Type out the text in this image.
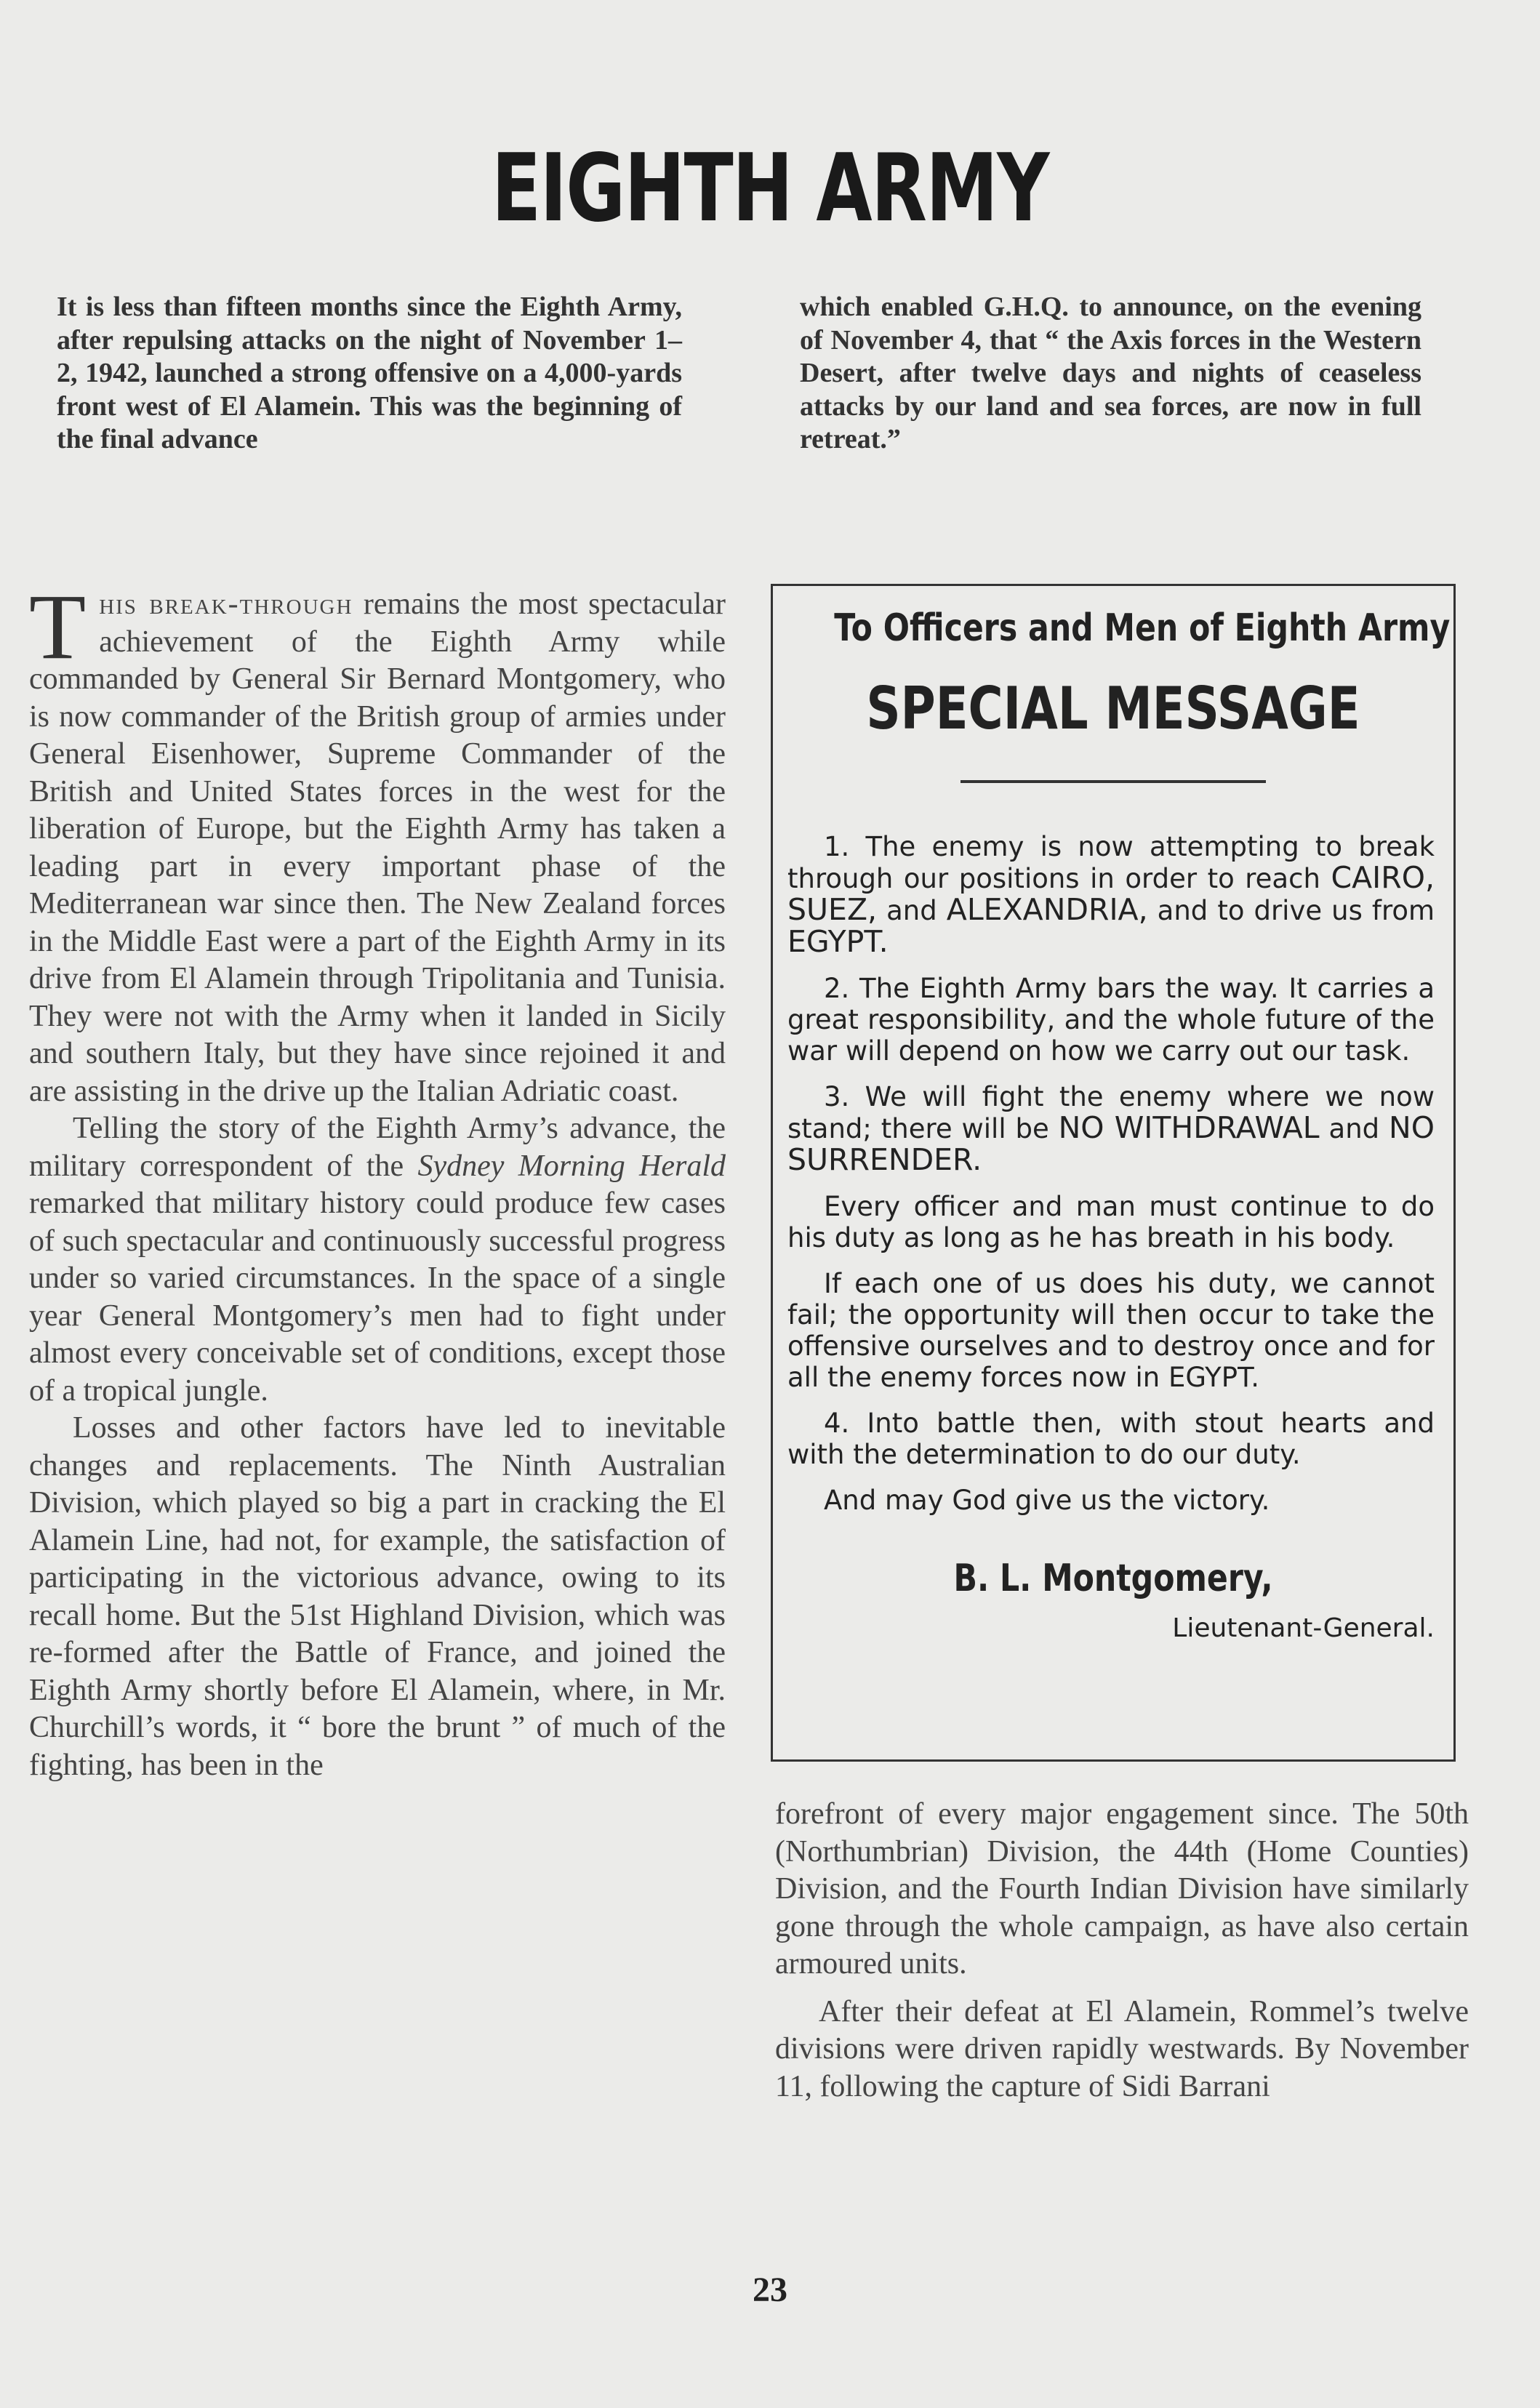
EIGHTH ARMY

It is less than fifteen months since the Eighth Army, after repulsing attacks on the night of November 1–2, 1942, launched a strong offensive on a 4,000-yards front west of El Alamein. This was the beginning of the final advance

which enabled G.H.Q. to announce, on the evening of November 4, that “ the Axis forces in the Western Desert, after twelve days and nights of ceaseless attacks by our land and sea forces, are now in full retreat.”

This break-through remains the most spectacular achievement of the Eighth Army while commanded by General Sir Bernard Montgomery, who is now commander of the British group of armies under General Eisenhower, Supreme Commander of the British and United States forces in the west for the liberation of Europe, but the Eighth Army has taken a leading part in every important phase of the Mediterranean war since then. The New Zealand forces in the Middle East were a part of the Eighth Army in its drive from El Alamein through Tripolitania and Tunisia. They were not with the Army when it landed in Sicily and southern Italy, but they have since rejoined it and are assisting in the drive up the Italian Adriatic coast.

Telling the story of the Eighth Army’s advance, the military correspondent of the Sydney Morning Herald remarked that military history could produce few cases of such spectacular and continuously successful progress under so varied circumstances. In the space of a single year General Montgomery’s men had to fight under almost every conceivable set of conditions, except those of a tropical jungle.

Losses and other factors have led to inevitable changes and replacements. The Ninth Australian Division, which played so big a part in cracking the El Alamein Line, had not, for example, the satisfaction of participating in the victorious advance, owing to its recall home. But the 51st Highland Division, which was re-formed after the Battle of France, and joined the Eighth Army shortly before El Alamein, where, in Mr. Churchill’s words, it “ bore the brunt ” of much of the fighting, has been in the

To Officers and Men of Eighth Army
SPECIAL MESSAGE

1. The enemy is now attempting to break through our positions in order to reach CAIRO, SUEZ, and ALEXANDRIA, and to drive us from EGYPT.

2. The Eighth Army bars the way. It carries a great responsibility, and the whole future of the war will depend on how we carry out our task.

3. We will fight the enemy where we now stand; there will be NO WITHDRAWAL and NO SURRENDER.

Every officer and man must continue to do his duty as long as he has breath in his body.

If each one of us does his duty, we cannot fail; the opportunity will then occur to take the offensive ourselves and to destroy once and for all the enemy forces now in EGYPT.

4. Into battle then, with stout hearts and with the determination to do our duty.

And may God give us the victory.

B. L. Montgomery,
Lieutenant-General.

forefront of every major engagement since. The 50th (Northumbrian) Division, the 44th (Home Counties) Division, and the Fourth Indian Division have similarly gone through the whole campaign, as have also certain armoured units.

After their defeat at El Alamein, Rommel’s twelve divisions were driven rapidly westwards. By November 11, following the capture of Sidi Barrani

23
